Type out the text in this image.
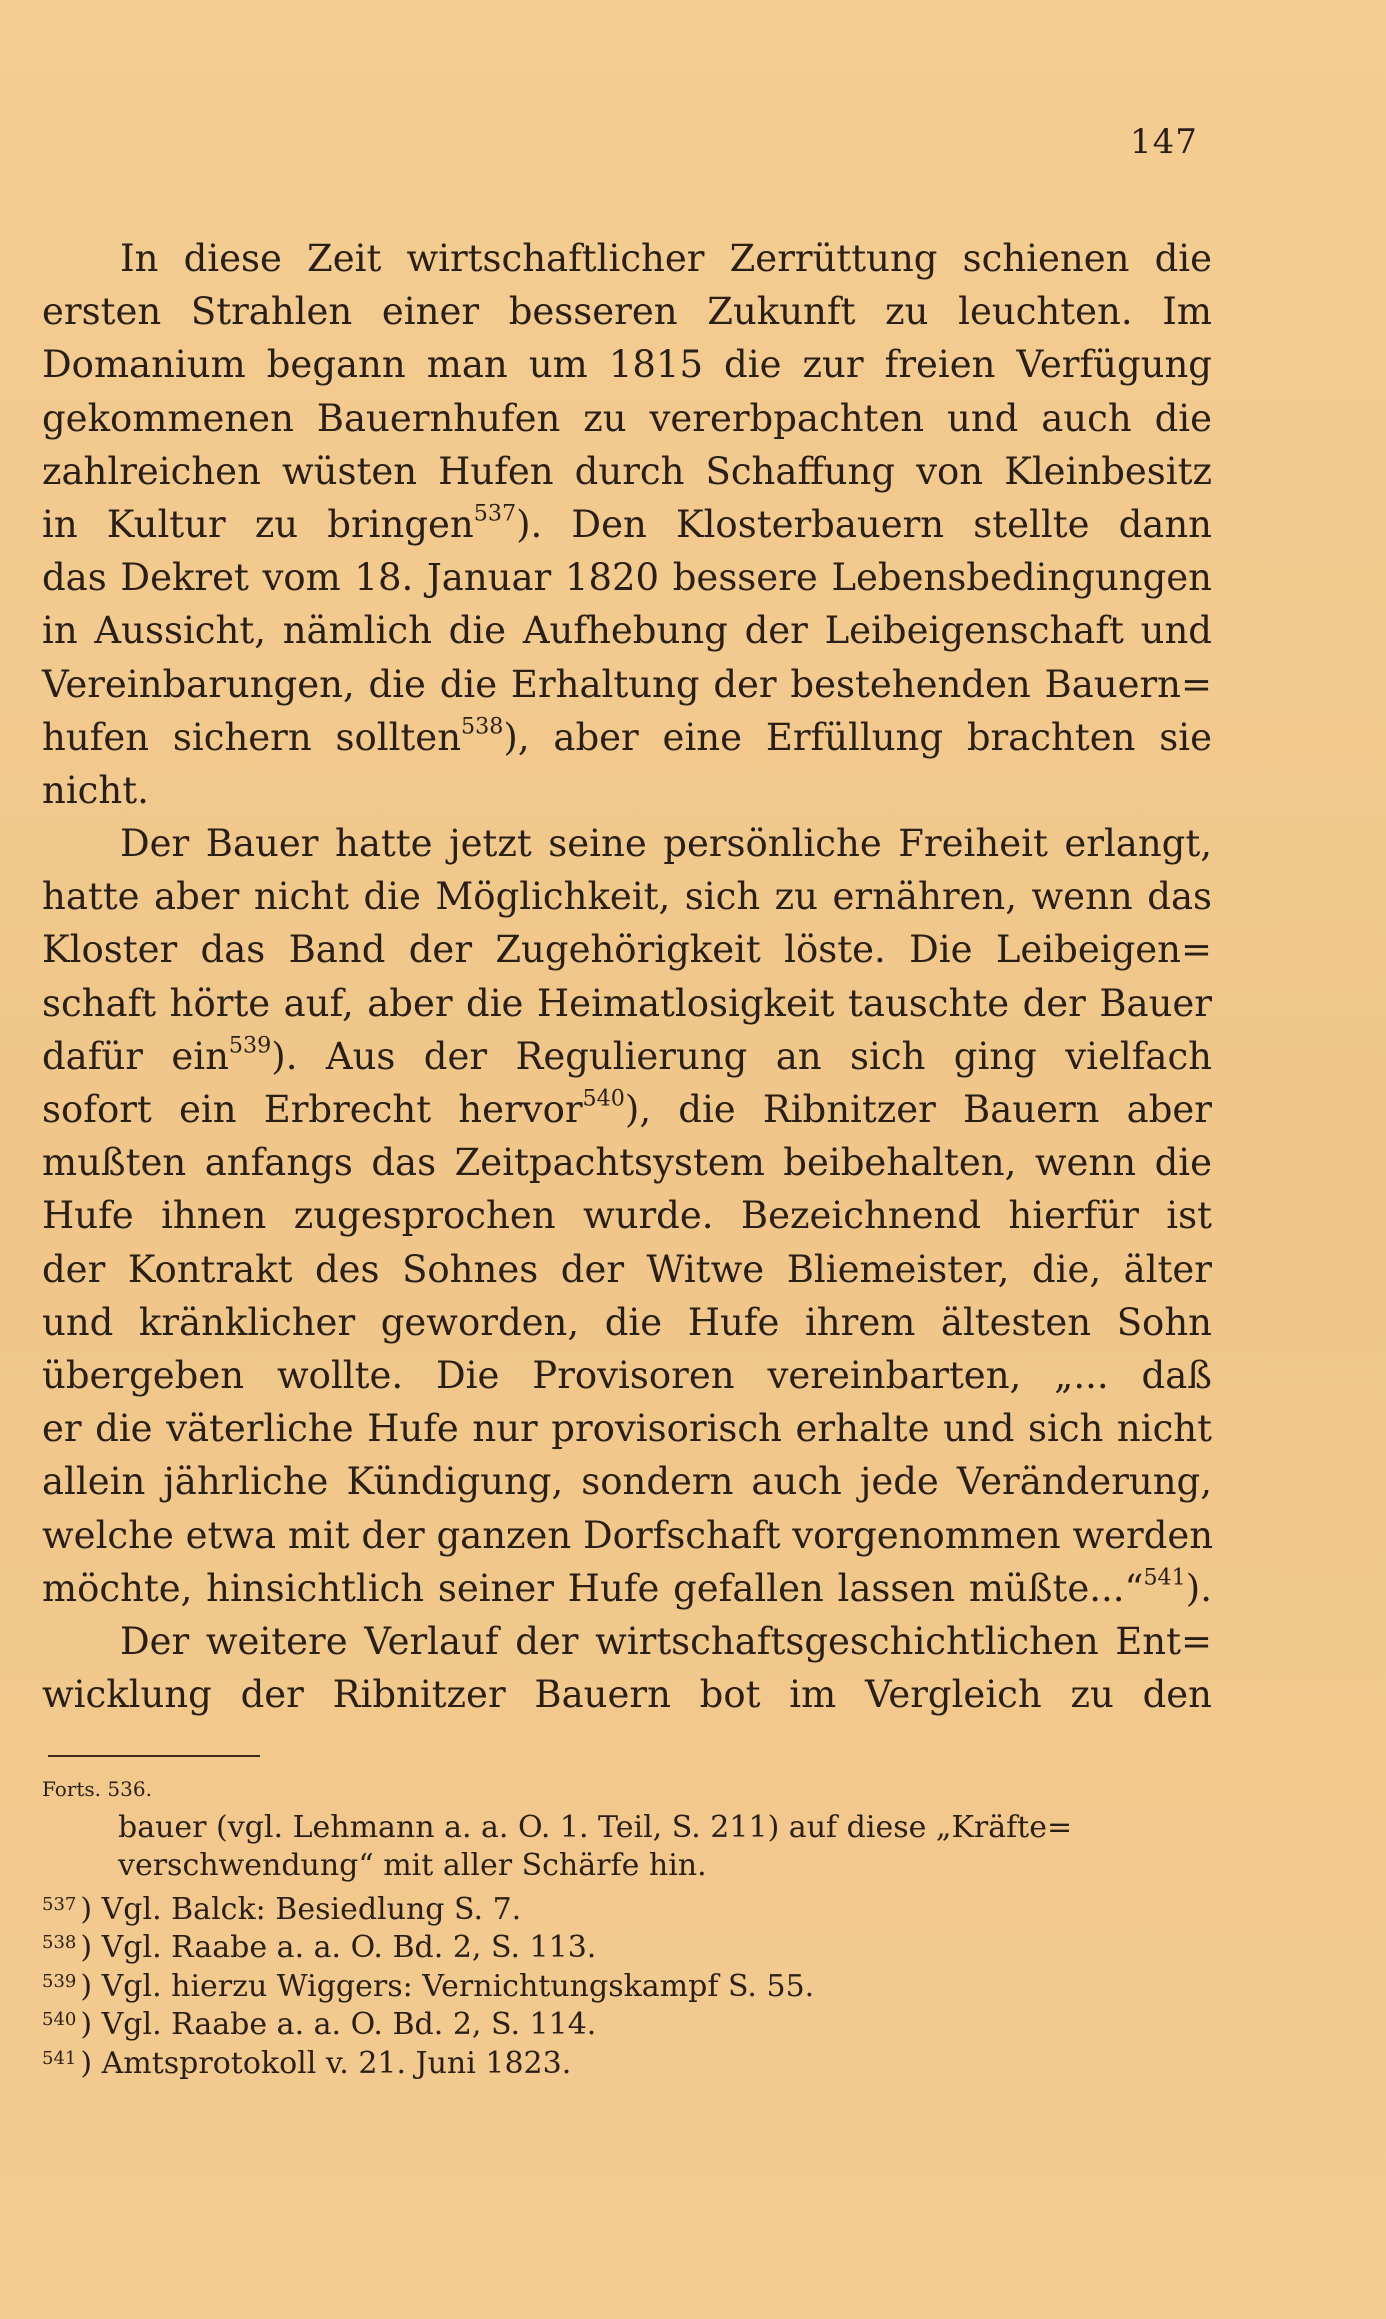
147
In diese Zeit wirtschaftlicher Zerrüttung schienen die
ersten Strahlen einer besseren Zukunft zu leuchten. Im
Domanium begann man um 1815 die zur freien Verfügung
gekommenen Bauernhufen zu vererbpachten und auch die
zahlreichen wüsten Hufen durch Schaffung von Kleinbesitz
in Kultur zu bringen$^{537}$). Den Klosterbauern stellte dann
das Dekret vom 18. Januar 1820 bessere Lebensbedingungen
in Aussicht, nämlich die Aufhebung der Leibeigenschaft und
Vereinbarungen, die die Erhaltung der bestehenden Bauern=
hufen sichern sollten$^{538}$), aber eine Erfüllung brachten sie
nicht.
Der Bauer hatte jetzt seine persönliche Freiheit erlangt,
hatte aber nicht die Möglichkeit, sich zu ernähren, wenn das
Kloster das Band der Zugehörigkeit löste. Die Leibeigen=
schaft hörte auf, aber die Heimatlosigkeit tauschte der Bauer
dafür ein$^{539}$). Aus der Regulierung an sich ging vielfach
sofort ein Erbrecht hervor$^{540}$), die Ribnitzer Bauern aber
mußten anfangs das Zeitpachtsystem beibehalten, wenn die
Hufe ihnen zugesprochen wurde. Bezeichnend hierfür ist
der Kontrakt des Sohnes der Witwe Bliemeister, die, älter
und kränklicher geworden, die Hufe ihrem ältesten Sohn
übergeben wollte. Die Provisoren vereinbarten, „... daß
er die väterliche Hufe nur provisorisch erhalte und sich nicht
allein jährliche Kündigung, sondern auch jede Veränderung,
welche etwa mit der ganzen Dorfschaft vorgenommen werden
möchte, hinsichtlich seiner Hufe gefallen lassen müßte...“$^{541}$).
Der weitere Verlauf der wirtschaftsgeschichtlichen Ent=
wicklung der Ribnitzer Bauern bot im Vergleich zu den
$^{Forts. 536.}$
bauer (vgl. Lehmann a. a. O. 1. Teil, S. 211) auf diese „Kräfte=
verschwendung“ mit aller Schärfe hin.
$^{537}$ ) Vgl. Balck: Besiedlung S. 7.
$^{538}$ ) Vgl. Raabe a. a. O. Bd. 2, S. 113.
$^{539}$ ) Vgl. hierzu Wiggers: Vernichtungskampf S. 55.
$^{540}$ ) Vgl. Raabe a. a. O. Bd. 2, S. 114.
$^{541}$ ) Amtsprotokoll v. 21. Juni 1823.
